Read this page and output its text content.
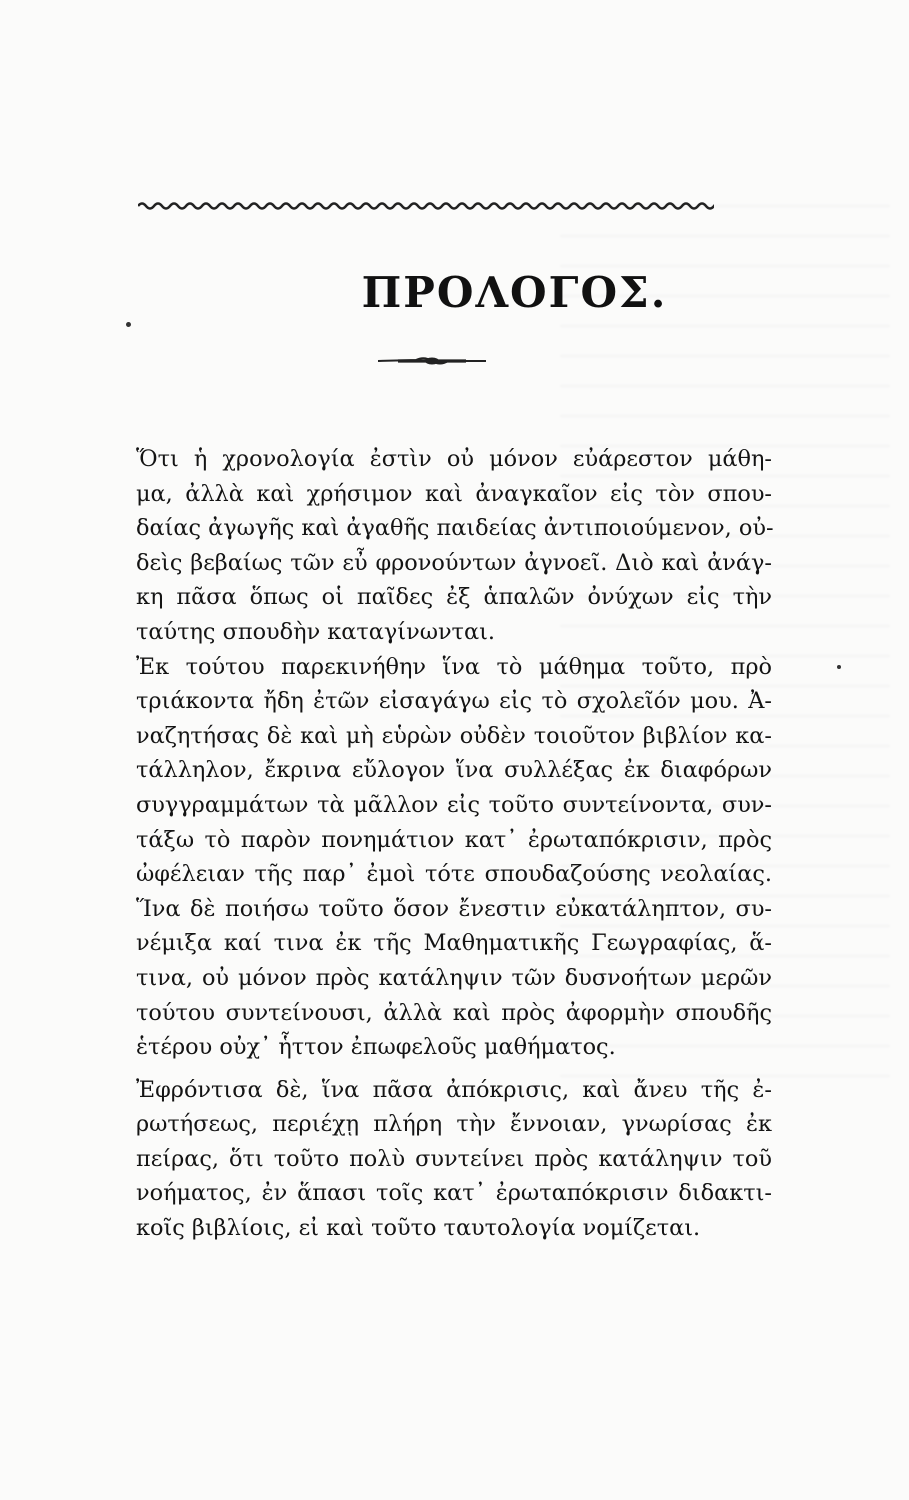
ΠΡΟΛΟΓΟΣ.
Ὅτι ἡ χρονολογία ἐστὶν οὐ μόνον εὐάρεστον μάθη-
μα, ἀλλὰ καὶ χρήσιμον καὶ ἀναγκαῖον εἰς τὸν σπου-
δαίας ἀγωγῆς καὶ ἀγαθῆς παιδείας ἀντιποιούμενον, οὐ-
δεὶς βεβαίως τῶν εὖ φρονούντων ἀγνοεῖ. Διὸ καὶ ἀνάγ-
κη πᾶσα ὅπως οἱ παῖδες ἐξ ἁπαλῶν ὀνύχων εἰς τὴν
ταύτης σπουδὴν καταγίνωνται.
Ἐκ τούτου παρεκινήθην ἵνα τὸ μάθημα τοῦτο, πρὸ
τριάκοντα ἤδη ἐτῶν εἰσαγάγω εἰς τὸ σχολεῖόν μου. Ἀ-
ναζητήσας δὲ καὶ μὴ εὑρὼν οὐδὲν τοιοῦτον βιβλίον κα-
τάλληλον, ἔκρινα εὔλογον ἵνα συλλέξας ἐκ διαφόρων
συγγραμμάτων τὰ μᾶλλον εἰς τοῦτο συντείνοντα, συν-
τάξω τὸ παρὸν πονημάτιον κατ᾽ ἐρωταπόκρισιν, πρὸς
ὠφέλειαν τῆς παρ᾽ ἐμοὶ τότε σπουδαζούσης νεολαίας.
Ἵνα δὲ ποιήσω τοῦτο ὅσον ἔνεστιν εὐκατάληπτον, συ-
νέμιξα καί τινα ἐκ τῆς Μαθηματικῆς Γεωγραφίας, ἅ-
τινα, οὐ μόνον πρὸς κατάληψιν τῶν δυσνοήτων μερῶν
τούτου συντείνουσι, ἀλλὰ καὶ πρὸς ἀφορμὴν σπουδῆς
ἑτέρου οὐχ᾽ ἧττον ἐπωφελοῦς μαθήματος.
Ἐφρόντισα δὲ, ἵνα πᾶσα ἀπόκρισις, καὶ ἄνευ τῆς ἐ-
ρωτήσεως, περιέχῃ πλήρη τὴν ἔννοιαν, γνωρίσας ἐκ
πείρας, ὅτι τοῦτο πολὺ συντείνει πρὸς κατάληψιν τοῦ
νοήματος, ἐν ἅπασι τοῖς κατ᾽ ἐρωταπόκρισιν διδακτι-
κοῖς βιβλίοις, εἰ καὶ τοῦτο ταυτολογία νομίζεται.
